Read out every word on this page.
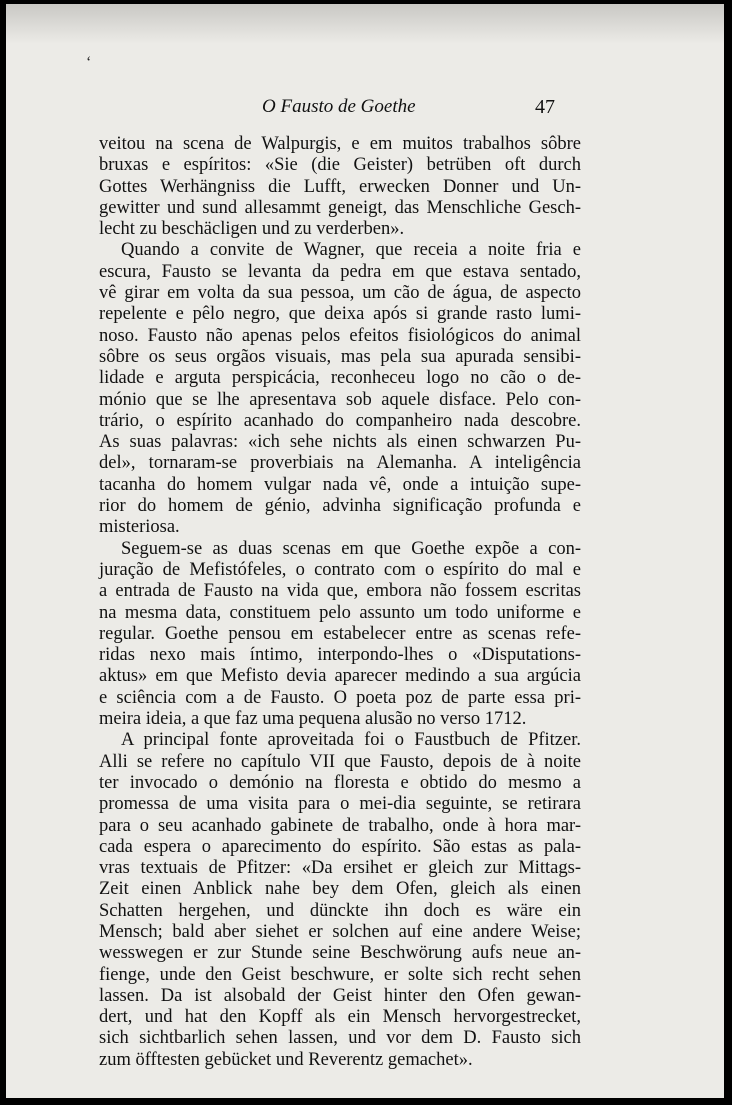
ʻ
O Fausto de Goethe	47
veitou na scena de Walpurgis, e em muitos trabalhos sôbre
bruxas e espíritos: «Sie (die Geister) betrüben oft durch
Gottes Werhängniss die Lufft, erwecken Donner und Un-
gewitter und sund allesammt geneigt, das Menschliche Gesch-
lecht zu beschäcligen und zu verderben».
Quando a convite de Wagner, que receia a noite fria e
escura, Fausto se levanta da pedra em que estava sentado,
vê girar em volta da sua pessoa, um cão de água, de aspecto
repelente e pêlo negro, que deixa após si grande rasto lumi-
noso. Fausto não apenas pelos efeitos fisiológicos do animal
sôbre os seus orgãos visuais, mas pela sua apurada sensibi-
lidade e arguta perspicácia, reconheceu logo no cão o de-
mónio que se lhe apresentava sob aquele disface. Pelo con-
trário, o espírito acanhado do companheiro nada descobre.
As suas palavras: «ich sehe nichts als einen schwarzen Pu-
del», tornaram-se proverbiais na Alemanha. A inteligência
tacanha do homem vulgar nada vê, onde a intuição supe-
rior do homem de génio, advinha significação profunda e
misteriosa.
Seguem-se as duas scenas em que Goethe expõe a con-
juração de Mefistófeles, o contrato com o espírito do mal e
a entrada de Fausto na vida que, embora não fossem escritas
na mesma data, constituem pelo assunto um todo uniforme e
regular. Goethe pensou em estabelecer entre as scenas refe-
ridas nexo mais íntimo, interpondo-lhes o «Disputations-
aktus» em que Mefisto devia aparecer medindo a sua argúcia
e sciência com a de Fausto. O poeta poz de parte essa pri-
meira ideia, a que faz uma pequena alusão no verso 1712.
A principal fonte aproveitada foi o Faustbuch de Pfitzer.
Alli se refere no capítulo VII que Fausto, depois de à noite
ter invocado o demónio na floresta e obtido do mesmo a
promessa de uma visita para o mei-dia seguinte, se retirara
para o seu acanhado gabinete de trabalho, onde à hora mar-
cada espera o aparecimento do espírito. São estas as pala-
vras textuais de Pfitzer: «Da ersihet er gleich zur Mittags-
Zeit einen Anblick nahe bey dem Ofen, gleich als einen
Schatten hergehen, und dünckte ihn doch es wäre ein
Mensch; bald aber siehet er solchen auf eine andere Weise;
wesswegen er zur Stunde seine Beschwörung aufs neue an-
fienge, unde den Geist beschwure, er solte sich recht sehen
lassen. Da ist alsobald der Geist hinter den Ofen gewan-
dert, und hat den Kopff als ein Mensch hervorgestrecket,
sich sichtbarlich sehen lassen, und vor dem D. Fausto sich
zum öfftesten gebücket und Reverentz gemachet».
